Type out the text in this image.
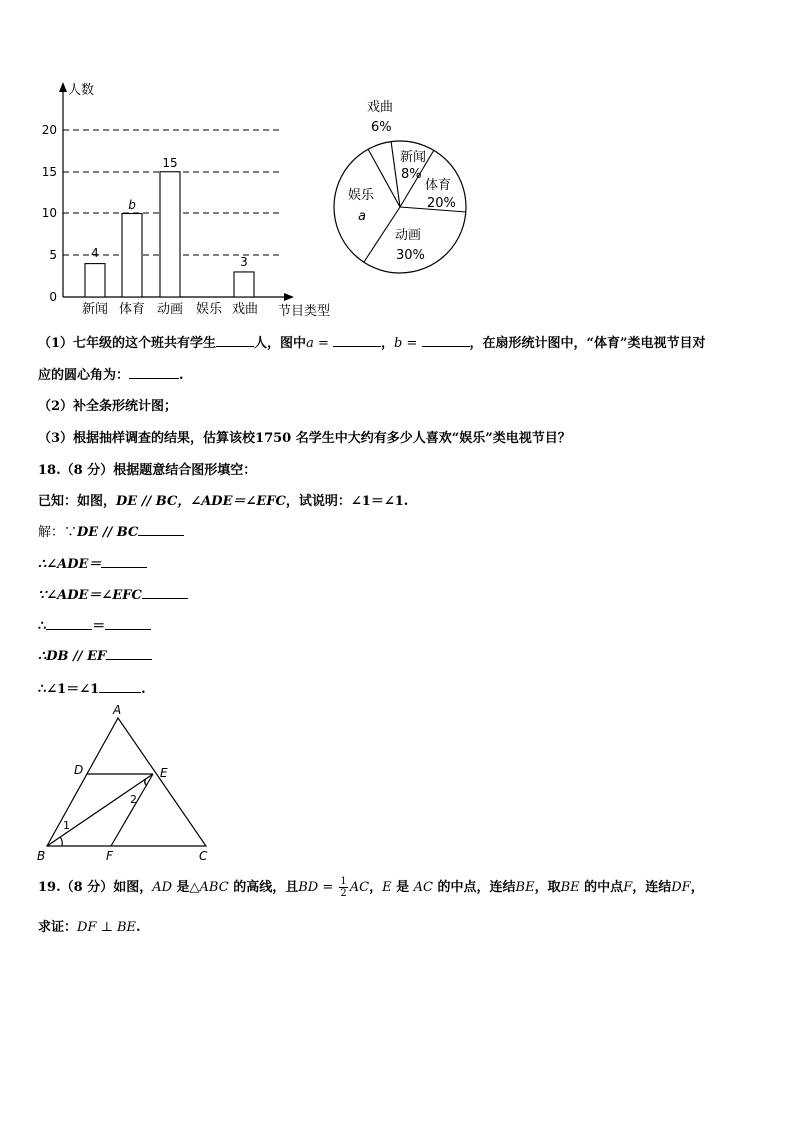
人数
节目类型
0
5
10
15
20
4
b
15
3
新闻 体育 动画 娱乐 戏曲
戏曲
6%
新闻
8%
体育
20%
娱乐
a
动画
30%
（1）七年级的这个班共有学生	人，图中a =	，b =	，在扇形统计图中，“体育”类电视节目对
应的圆心角为：	.
（2）补全条形统计图；
（3）根据抽样调查的结果，估算该校1750 名学生中大约有多少人喜欢“娱乐”类电视节目？
18.（8 分）根据题意结合图形填空：
已知：如图，DE // BC，∠ADE＝∠EFC，试说明：∠1＝∠1.
解：∵DE // BC
∴∠ADE＝
∵∠ADE＝∠EFC
∴	＝
∴DB // EF
∴∠1＝∠1	.
A
D	E
B	F	C
1
2
19.（8 分）如图，AD 是△ABC 的高线，且BD = $\frac{1}{2}$ AC，E 是 AC 的中点，连结BE，取BE 的中点F，连结DF，
求证：DF ⊥ BE.
